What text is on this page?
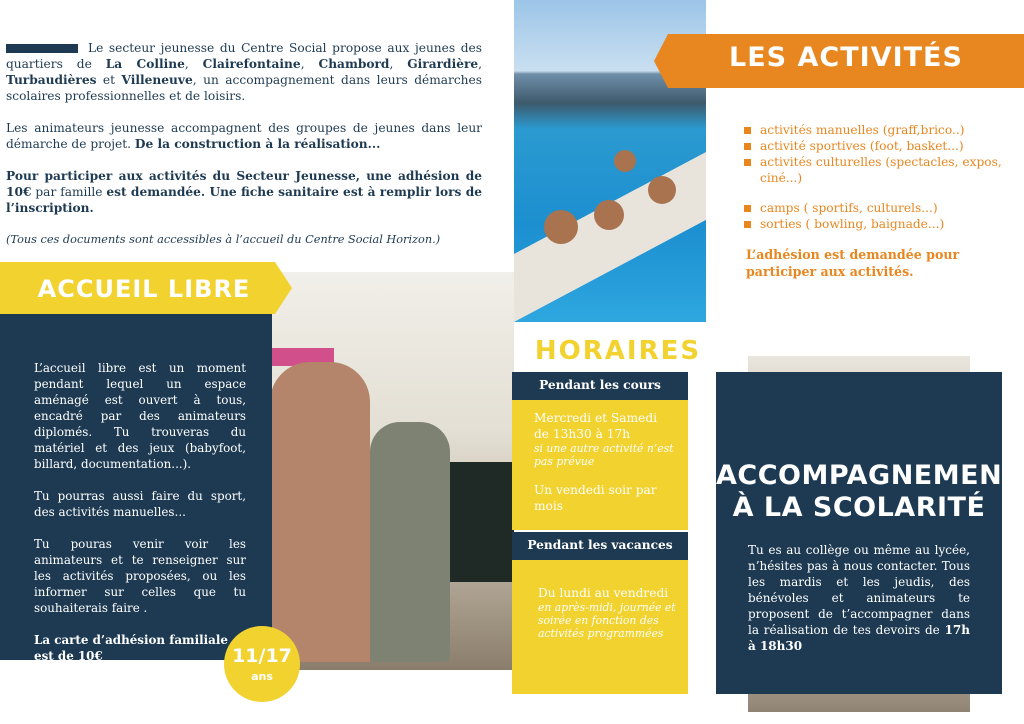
Le secteur jeunesse du Centre Social propose aux jeunes des quartiers de La Colline, Clairefontaine, Chambord, Girardière, Turbaudières et Villeneuve, un accompagnement dans leurs démarches scolaires professionnelles et de loisirs.

Les animateurs jeunesse accompagnent des groupes de jeunes dans leur démarche de projet. De la construction à la réalisation...

Pour participer aux activités du Secteur Jeunesse, une adhésion de 10€ par famille est demandée. Une fiche sanitaire est à remplir lors de l’inscription.

(Tous ces documents sont accessibles à l’accueil du Centre Social Horizon.)

LES ACTIVITÉS
activités manuelles (graff,brico..)
activité sportives (foot, basket...)
activités culturelles (spectacles, expos, ciné...)
camps ( sportifs, culturels...)
sorties ( bowling, baignade...)
L’adhésion est demandée pour participer aux activités.
ACCUEIL LIBRE

L’accueil libre est un moment pendant lequel un espace aménagé est ouvert à tous, encadré par des animateurs diplomés. Tu trouveras du matériel et des jeux (babyfoot, billard, documentation...).

Tu pourras aussi faire du sport, des activités manuelles...

Tu pouras venir voir les animateurs et te renseigner sur les activités proposées, ou les informer sur celles que tu souhaiterais faire .

La carte d’adhésion familiale est de 10€	11/17
ans
HORAIRES
Pendant les cours
Mercredi et Samedi
de 13h30 à 17h
si une autre activité n’est pas prévue
Un vendedi soir par mois
Pendant les vacances
Du lundi au vendredi
en après-midi, journée et soirée en fonction des activités programmées
ACCOMPAGNEMENT
À LA SCOLARITÉ
Tu es au collège ou même au lycée, n’hésites pas à nous contacter. Tous les mardis et les jeudis, des bénévoles et animateurs te proposent de t’accompagner dans la réalisation de tes devoirs de 17h à 18h30
